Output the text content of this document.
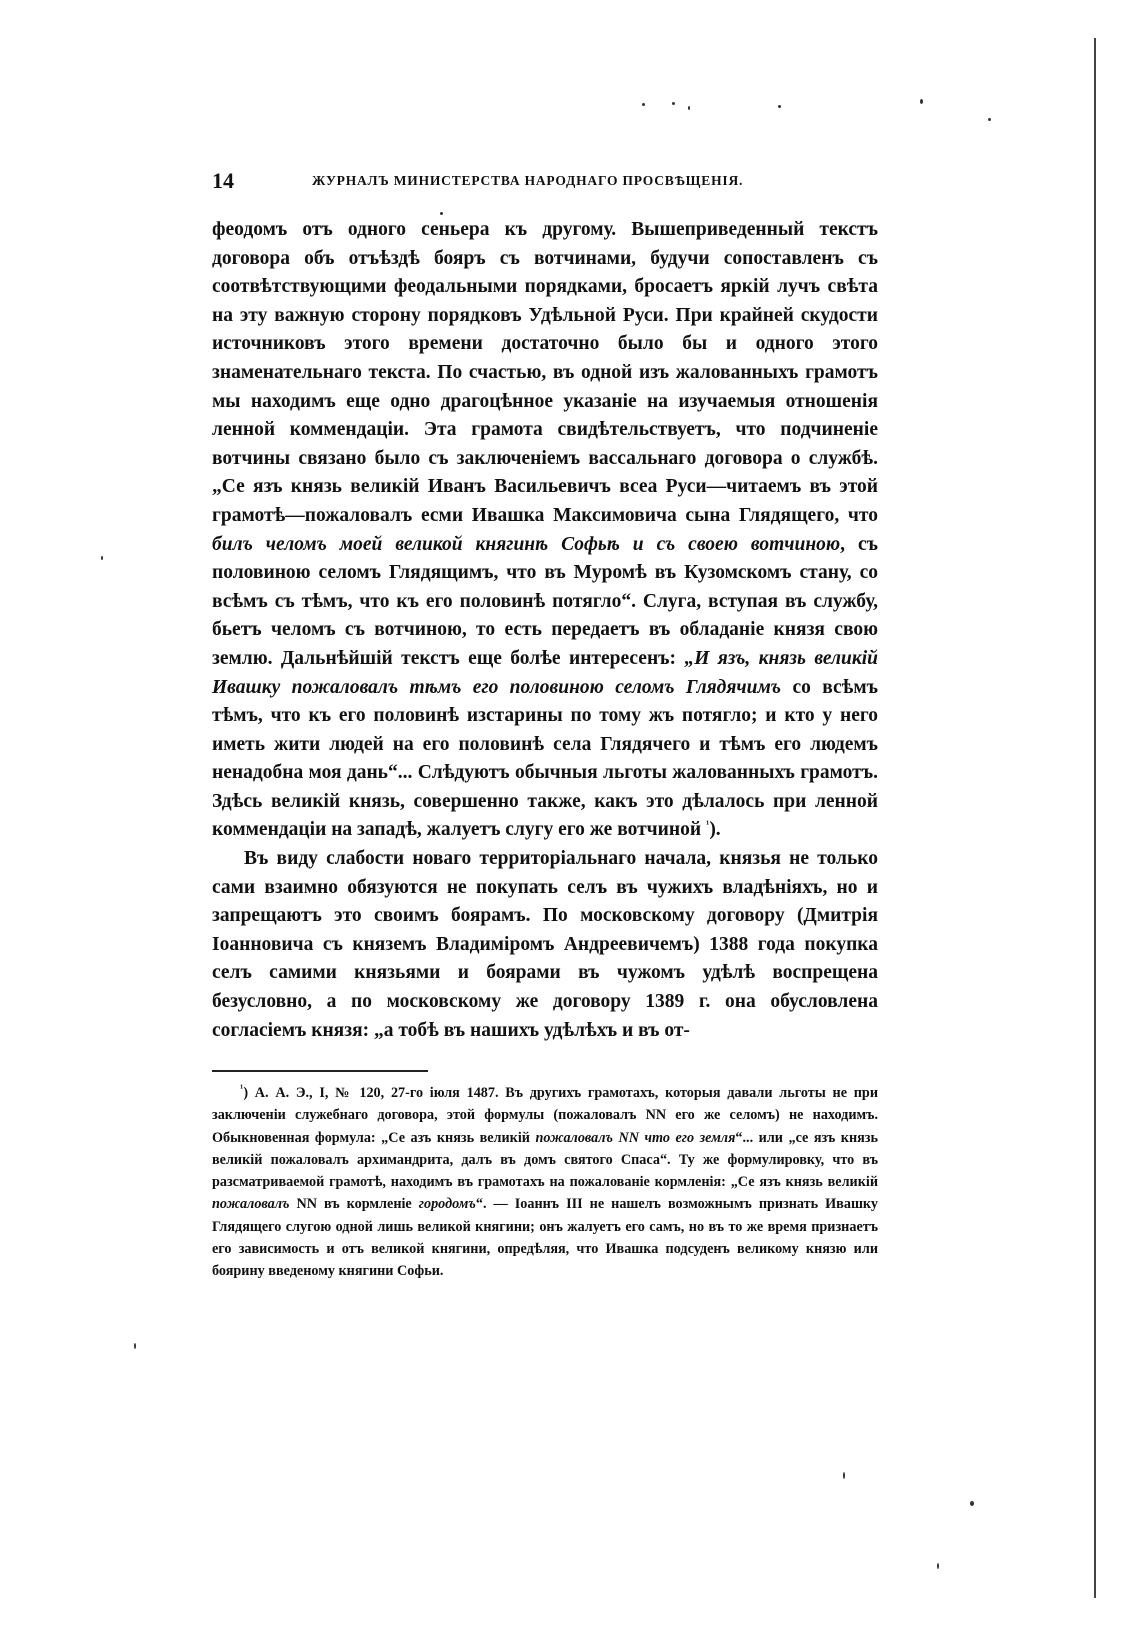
14	ЖУРНАЛЪ МИНИСТЕРСТВА НАРОДНАГО ПРОСВѢЩЕНІЯ.

феодомъ отъ одного сеньера къ другому. Вышеприведенный текстъ договора объ отъѣздѣ бояръ съ вотчинами, будучи сопоставленъ съ соотвѣтствующими феодальными порядками, бросаетъ яркій лучъ свѣта на эту важную сторону порядковъ Удѣльной Руси. При крайней скудости источниковъ этого времени достаточно было бы и одного этого знаменательнаго текста. По счастью, въ одной изъ жалованныхъ грамотъ мы находимъ еще одно драгоцѣнное указаніе на изучаемыя отношенія ленной коммендаціи. Эта грамота свидѣтельствуетъ, что подчиненіе вотчины связано было съ заключеніемъ вассальнаго договора о службѣ. „Се язъ князь великій Иванъ Васильевичъ всеа Руси—читаемъ въ этой грамотѣ—пожаловалъ есми Ивашка Максимовича сына Глядящего, что билъ челомъ моей великой княгинѣ Софьѣ и съ своею вотчиною, съ половиною селомъ Глядящимъ, что въ Муромѣ въ Кузомскомъ стану, со всѣмъ съ тѣмъ, что къ его половинѣ потягло“. Слуга, вступая въ службу, бьетъ челомъ съ вотчиною, то есть передаетъ въ обладаніе князя свою землю. Дальнѣйшій текстъ еще болѣе интересенъ: „И язъ, князь великій Ивашку пожаловалъ тѣмъ его половиною селомъ Глядячимъ со всѣмъ тѣмъ, что къ его половинѣ изстарины по тому жъ потягло; и кто у него иметь жити людей на его половинѣ села Глядячего и тѣмъ его людемъ ненадобна моя дань“... Слѣдуютъ обычныя льготы жалованныхъ грамотъ. Здѣсь великій князь, совершенно также, какъ это дѣлалось при ленной коммендаціи на западѣ, жалуетъ слугу его же вотчиной $^{^1}$).

Въ виду слабости новаго территоріальнаго начала, князья не только сами взаимно обязуются не покупать селъ въ чужихъ владѣніяхъ, но и запрещаютъ это своимъ боярамъ. По московскому договору (Дмитрія Іоанновича съ княземъ Владиміромъ Андреевичемъ) 1388 года покупка селъ самими князьями и боярами въ чужомъ удѣлѣ воспрещена безусловно, а по московскому же договору 1389 г. она обусловлена согласіемъ князя: „а тобѣ въ нашихъ удѣлѣхъ и въ от-

$^{^1}$) А. А. Э., I, № 120, 27-го іюля 1487. Въ другихъ грамотахъ, которыя давали льготы не при заключеніи служебнаго договора, этой формулы (пожаловалъ NN его же селомъ) не находимъ. Обыкновенная формула: „Се азъ князь великій пожаловалъ NN что его земля“... или „се язъ князь великій пожаловалъ архимандрита, далъ въ домъ святого Спаса“. Ту же формулировку, что въ разсматриваемой грамотѣ, находимъ въ грамотахъ на пожалованіе кормленія: „Се язъ князь великій пожаловалъ NN въ кормленіе городомъ“. — Іоаннъ III не нашелъ возможнымъ признать Ивашку Глядящего слугою одной лишь великой княгини; онъ жалуетъ его самъ, но въ то же время признаетъ его зависимость и отъ великой княгини, опредѣляя, что Ивашка подсуденъ великому князю или боярину введеному княгини Софьи.
